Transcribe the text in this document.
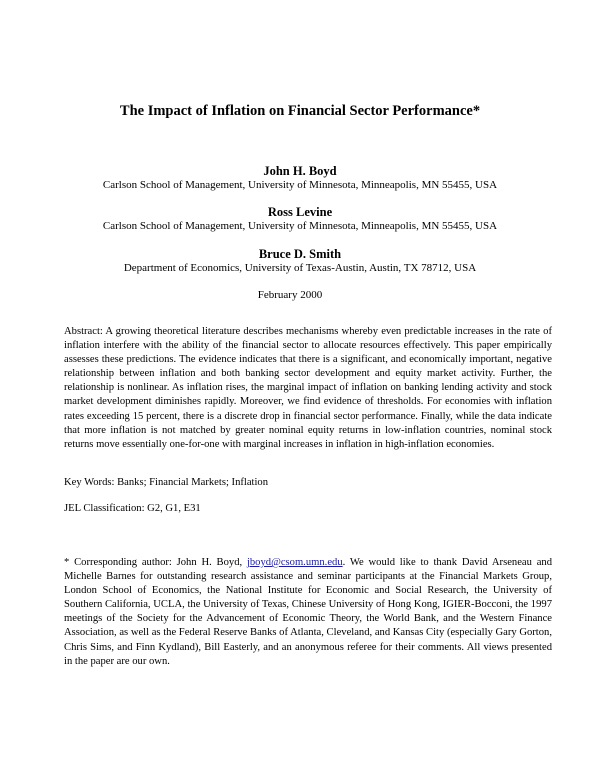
The Impact of Inflation on Financial Sector Performance*
John H. Boyd
Carlson School of Management, University of Minnesota, Minneapolis, MN 55455, USA
Ross Levine
Carlson School of Management, University of Minnesota, Minneapolis, MN 55455, USA
Bruce D. Smith
Department of Economics, University of Texas-Austin, Austin, TX 78712, USA
February 2000

Abstract: A growing theoretical literature describes mechanisms whereby even predictable increases in the rate of inflation interfere with the ability of the financial sector to allocate resources effectively. This paper empirically assesses these predictions. The evidence indicates that there is a significant, and economically important, negative relationship between inflation and both banking sector development and equity market activity. Further, the relationship is nonlinear. As inflation rises, the marginal impact of inflation on banking lending activity and stock market development diminishes rapidly. Moreover, we find evidence of thresholds. For economies with inflation rates exceeding 15 percent, there is a discrete drop in financial sector performance. Finally, while the data indicate that more inflation is not matched by greater nominal equity returns in low-inflation countries, nominal stock returns move essentially one-for-one with marginal increases in inflation in high-inflation economies.

Key Words: Banks; Financial Markets; Inflation

JEL Classification: G2, G1, E31

* Corresponding author: John H. Boyd, jboyd@csom.umn.edu. We would like to thank David Arseneau and Michelle Barnes for outstanding research assistance and seminar participants at the Financial Markets Group, London School of Economics, the National Institute for Economic and Social Research, the University of Southern California, UCLA, the University of Texas, Chinese University of Hong Kong, IGIER-Bocconi, the 1997 meetings of the Society for the Advancement of Economic Theory, the World Bank, and the Western Finance Association, as well as the Federal Reserve Banks of Atlanta, Cleveland, and Kansas City (especially Gary Gorton, Chris Sims, and Finn Kydland), Bill Easterly, and an anonymous referee for their comments. All views presented in the paper are our own.
